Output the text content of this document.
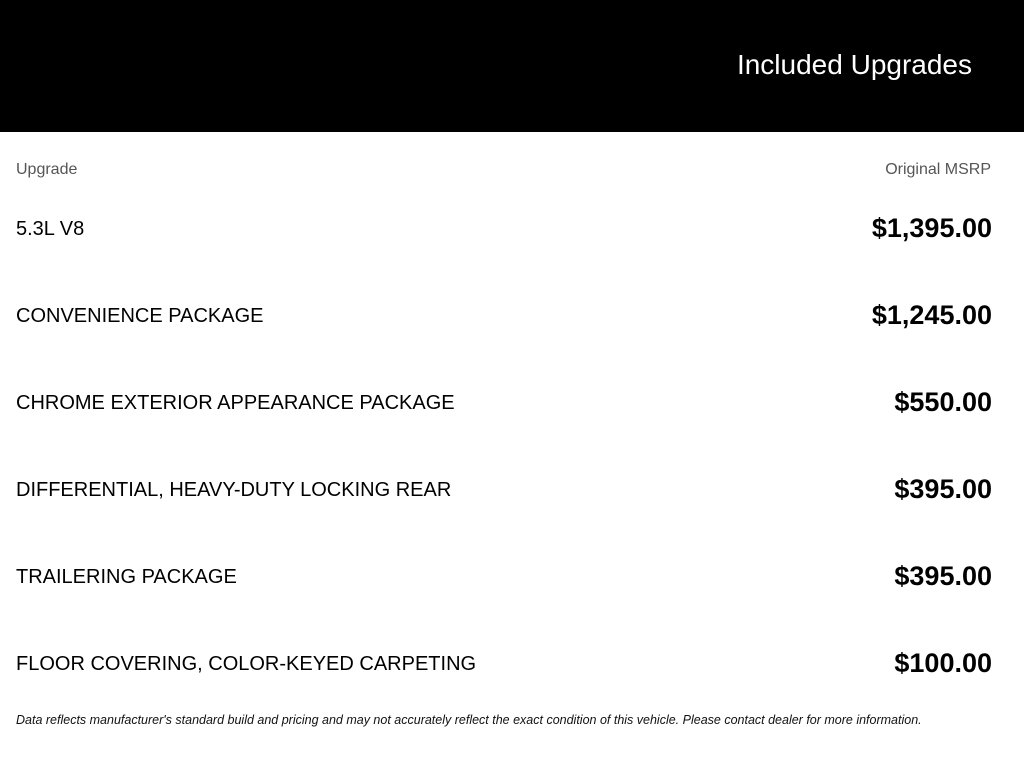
Included Upgrades
Upgrade	Original MSRP
5.3L V8	$1,395.00
CONVENIENCE PACKAGE	$1,245.00
CHROME EXTERIOR APPEARANCE PACKAGE	$550.00
DIFFERENTIAL, HEAVY-DUTY LOCKING REAR	$395.00
TRAILERING PACKAGE	$395.00
FLOOR COVERING, COLOR-KEYED CARPETING	$100.00
Data reflects manufacturer's standard build and pricing and may not accurately reflect the exact condition of this vehicle. Please contact dealer for more information.
